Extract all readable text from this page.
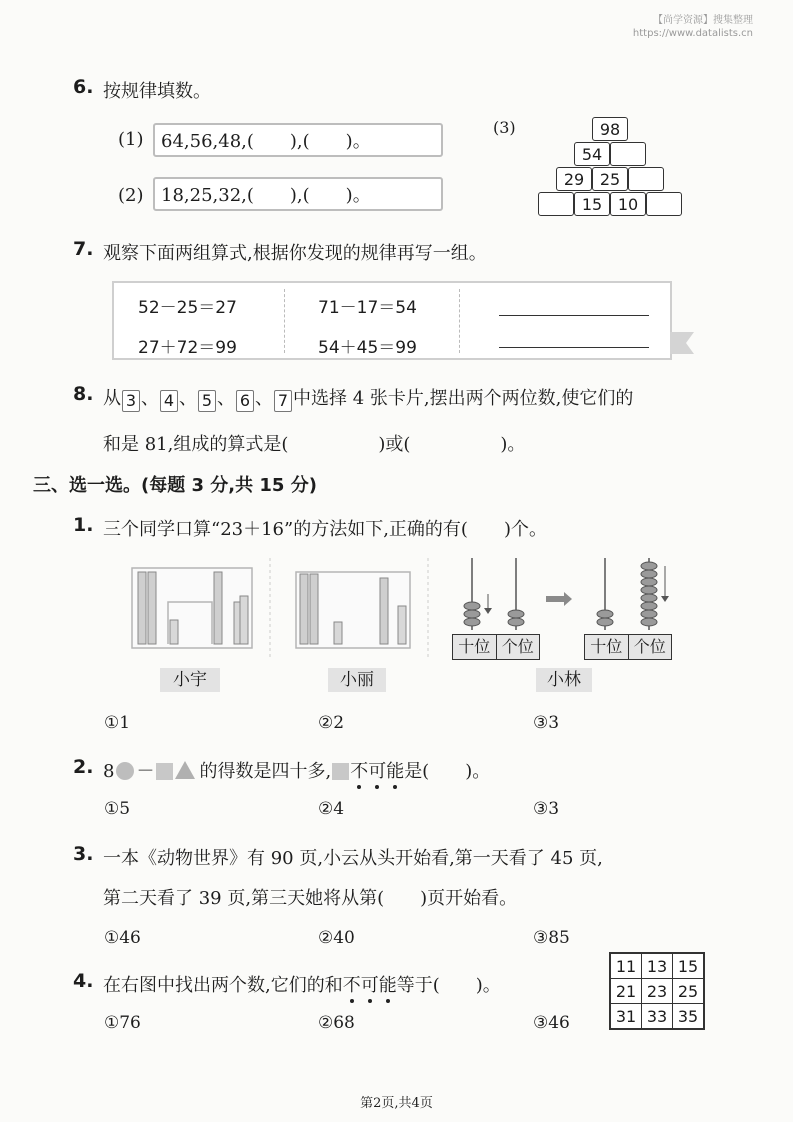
【尚学资源】搜集整理
https://www.datalists.cn
6. 按规律填数。
(1) 64,56,48,(　　),(　　)。
(2) 18,25,32,(　　),(　　)。
(3)	98
54
29 25
15 10
7. 观察下面两组算式,根据你发现的规律再写一组。
52－25＝27
27＋72＝99
71－17＝54
54＋45＝99
8. 从 3 、 4 、 5 、 6 、 7 中选择 4 张卡片,摆出两个两位数,使它们的
和是 81,组成的算式是(　　　　　)或(　　　　　)。
三、选一选。(每题 3 分,共 15 分)
1. 三个同学口算“23＋16”的方法如下,正确的有(　　)个。
十位 个位	十位 个位
小宇	小丽	小林
①1	②2	③3
2. 8 －	的得数是四十多, 不可能是(　　)。
①5	②4	③3
3. 一本《动物世界》有 90 页,小云从头开始看,第一天看了 45 页,
第二天看了 39 页,第三天她将从第(　　)页开始看。
①46	②40	③85
4. 在右图中找出两个数,它们的和不可能等于(　　)。
11	13	15
21	23	25
31	33	35
①76	②68	③46
第2页,共4页
